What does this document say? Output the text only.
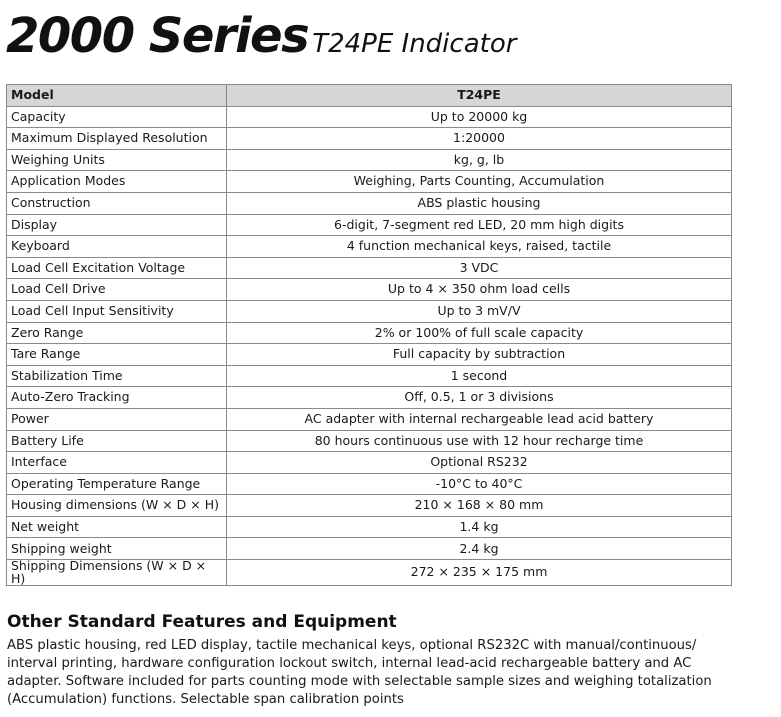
2000 Series T24PE Indicator
Model	T24PE
Capacity	Up to 20000 kg
Maximum Displayed Resolution	1:20000
Weighing Units	kg, g, lb
Application Modes	Weighing, Parts Counting, Accumulation
Construction	ABS plastic housing
Display	6-digit, 7-segment red LED, 20 mm high digits
Keyboard	4 function mechanical keys, raised, tactile
Load Cell Excitation Voltage	3 VDC
Load Cell Drive	Up to 4 × 350 ohm load cells
Load Cell Input Sensitivity	Up to 3 mV/V
Zero Range	2% or 100% of full scale capacity
Tare Range	Full capacity by subtraction
Stabilization Time	1 second
Auto-Zero Tracking	Off, 0.5, 1 or 3 divisions
Power	AC adapter with internal rechargeable lead acid battery
Battery Life	80 hours continuous use with 12 hour recharge time
Interface	Optional RS232
Operating Temperature Range	-10°C to 40°C
Housing dimensions (W × D × H)	210 × 168 × 80 mm
Net weight	1.4 kg
Shipping weight	2.4 kg
Shipping Dimensions (W × D × H)	272 × 235 × 175 mm
Other Standard Features and Equipment
ABS plastic housing, red LED display, tactile mechanical keys, optional RS232C with manual/continuous/ interval printing, hardware configuration lockout switch, internal lead-acid rechargeable battery and AC adapter. Software included for parts counting mode with selectable sample sizes and weighing totalization (Accumulation) functions. Selectable span calibration points
